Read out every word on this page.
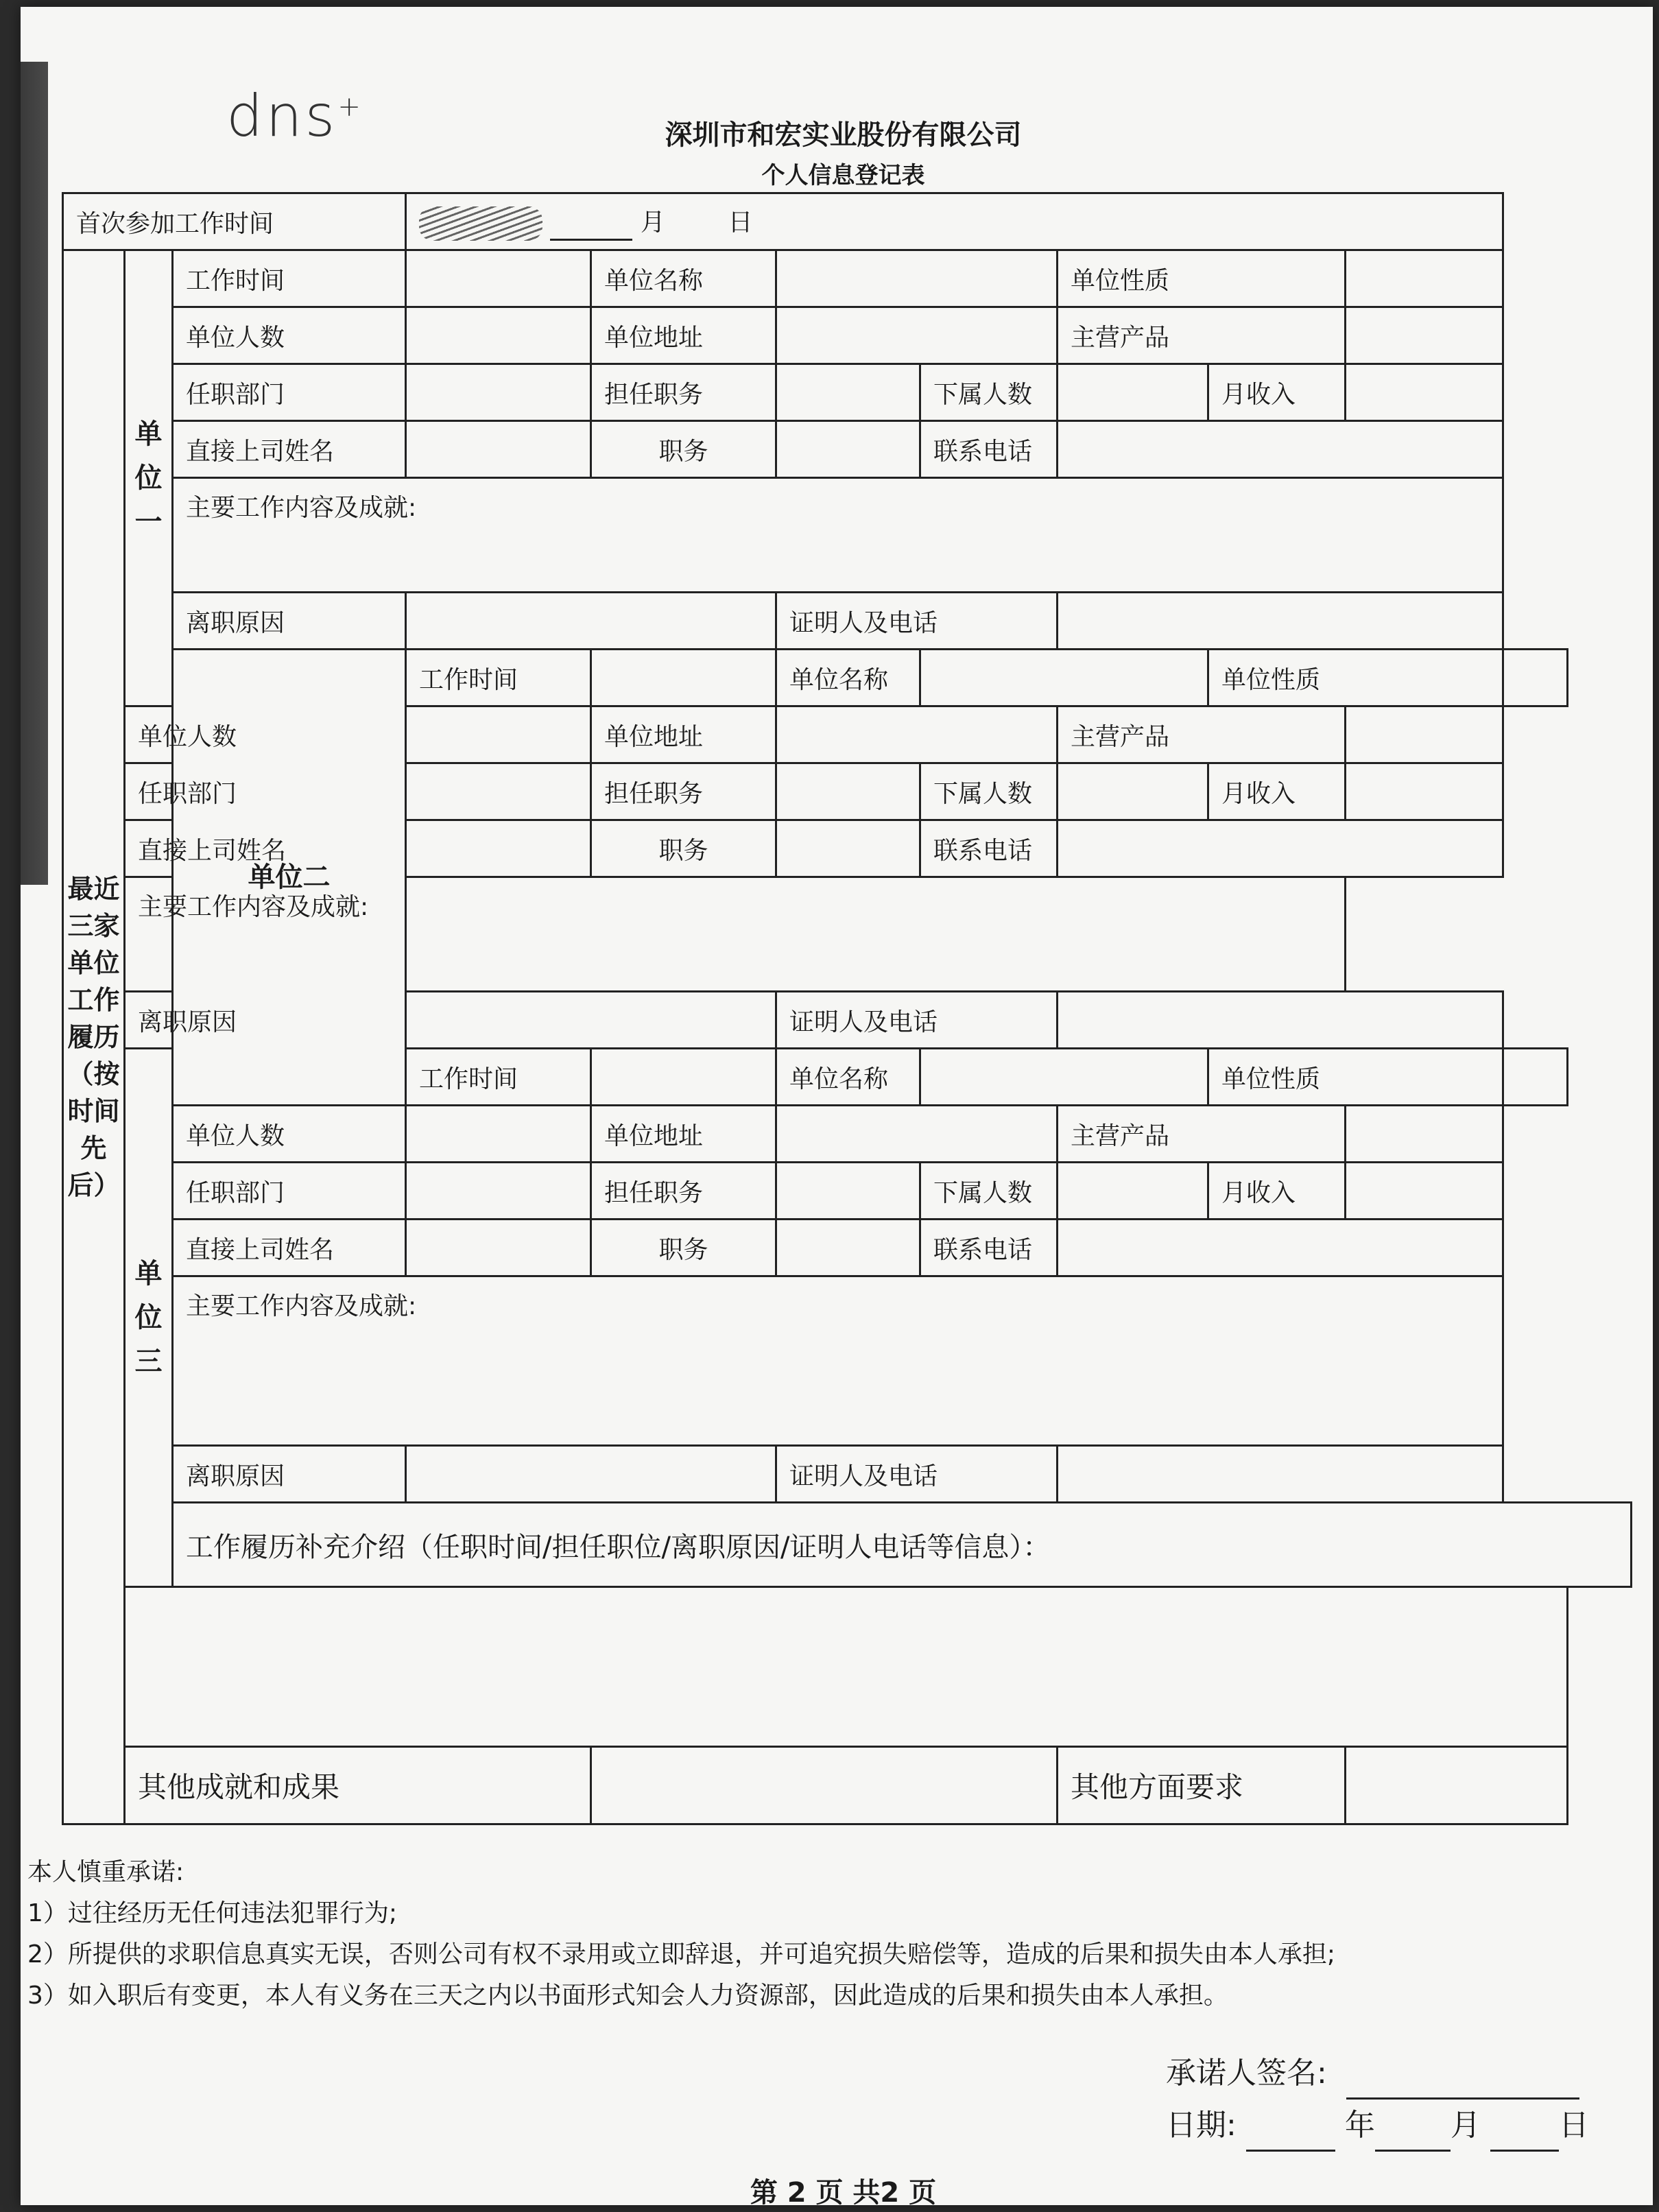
dns+
深圳市和宏实业股份有限公司
个人信息登记表
首次参加工作时间			月 日							
最近三家单位工作履历（按时间先后）	单位一	工作时间		单位名称			单位性质			
		单位人数		单位地址			主营产品			
		任职部门		担任职务		下属人数		月收入		
		直接上司姓名		职务		联系电话				
		主要工作内容及成就:								
		离职原因			证明人及电话					
		单位二	工作时间		单位名称			单位性质		
	单位人数			单位地址			主营产品			
	任职部门			担任职务		下属人数		月收入		
	直接上司姓名			职务		联系电话				
	主要工作内容及成就:									
	离职原因				证明人及电话					
	单位三		工作时间		单位名称			单位性质		
		单位人数		单位地址			主营产品			
		任职部门		担任职务		下属人数		月收入		
		直接上司姓名		职务		联系电话				
		主要工作内容及成就:								
		离职原因			证明人及电话					
		工作履历补充介绍（任职时间/担任职位/离职原因/证明人电话等信息）：								

	其他成就和成果						其他方面要求			
本人慎重承诺:
1）过往经历无任何违法犯罪行为;
2）所提供的求职信息真实无误，否则公司有权不录用或立即辞退，并可追究损失赔偿等，造成的后果和损失由本人承担;
3）如入职后有变更，本人有义务在三天之内以书面形式知会人力资源部，因此造成的后果和损失由本人承担。
承诺人签名:
日期:	年	月	日
第 2 页 共2 页
